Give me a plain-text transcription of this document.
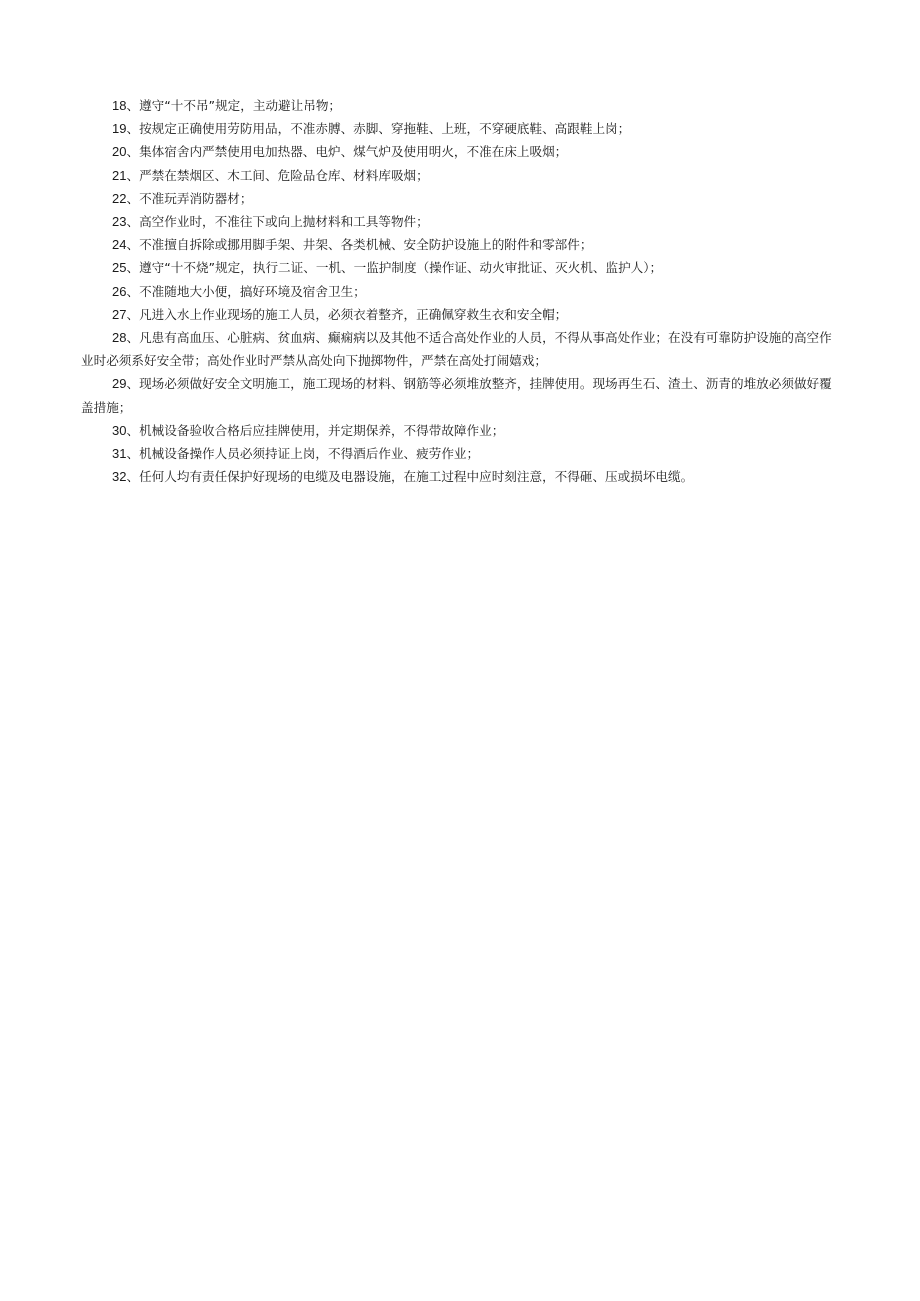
18、遵守“十不吊”规定，主动避让吊物；

19、按规定正确使用劳防用品，不准赤膊、赤脚、穿拖鞋、上班，不穿硬底鞋、高跟鞋上岗；

20、集体宿舍内严禁使用电加热器、电炉、煤气炉及使用明火，不准在床上吸烟；

21、严禁在禁烟区、木工间、危险品仓库、材料库吸烟；

22、不准玩弄消防器材；

23、高空作业时，不准往下或向上抛材料和工具等物件；

24、不准擅自拆除或挪用脚手架、井架、各类机械、安全防护设施上的附件和零部件；

25、遵守“十不烧”规定，执行二证、一机、一监护制度（操作证、动火审批证、灭火机、监护人）；

26、不准随地大小便，搞好环境及宿舍卫生；

27、凡进入水上作业现场的施工人员，必须衣着整齐，正确佩穿救生衣和安全帽；

28、凡患有高血压、心脏病、贫血病、癫痫病以及其他不适合高处作业的人员，不得从事高处作业；在没有可靠防护设施的高空作业时必须系好安全带；高处作业时严禁从高处向下抛掷物件，严禁在高处打闹嬉戏；

29、现场必须做好安全文明施工，施工现场的材料、钢筋等必须堆放整齐，挂牌使用。现场再生石、渣土、沥青的堆放必须做好覆盖措施；

30、机械设备验收合格后应挂牌使用，并定期保养，不得带故障作业；

31、机械设备操作人员必须持证上岗，不得酒后作业、疲劳作业；

32、任何人均有责任保护好现场的电缆及电器设施，在施工过程中应时刻注意，不得砸、压或损坏电缆。
